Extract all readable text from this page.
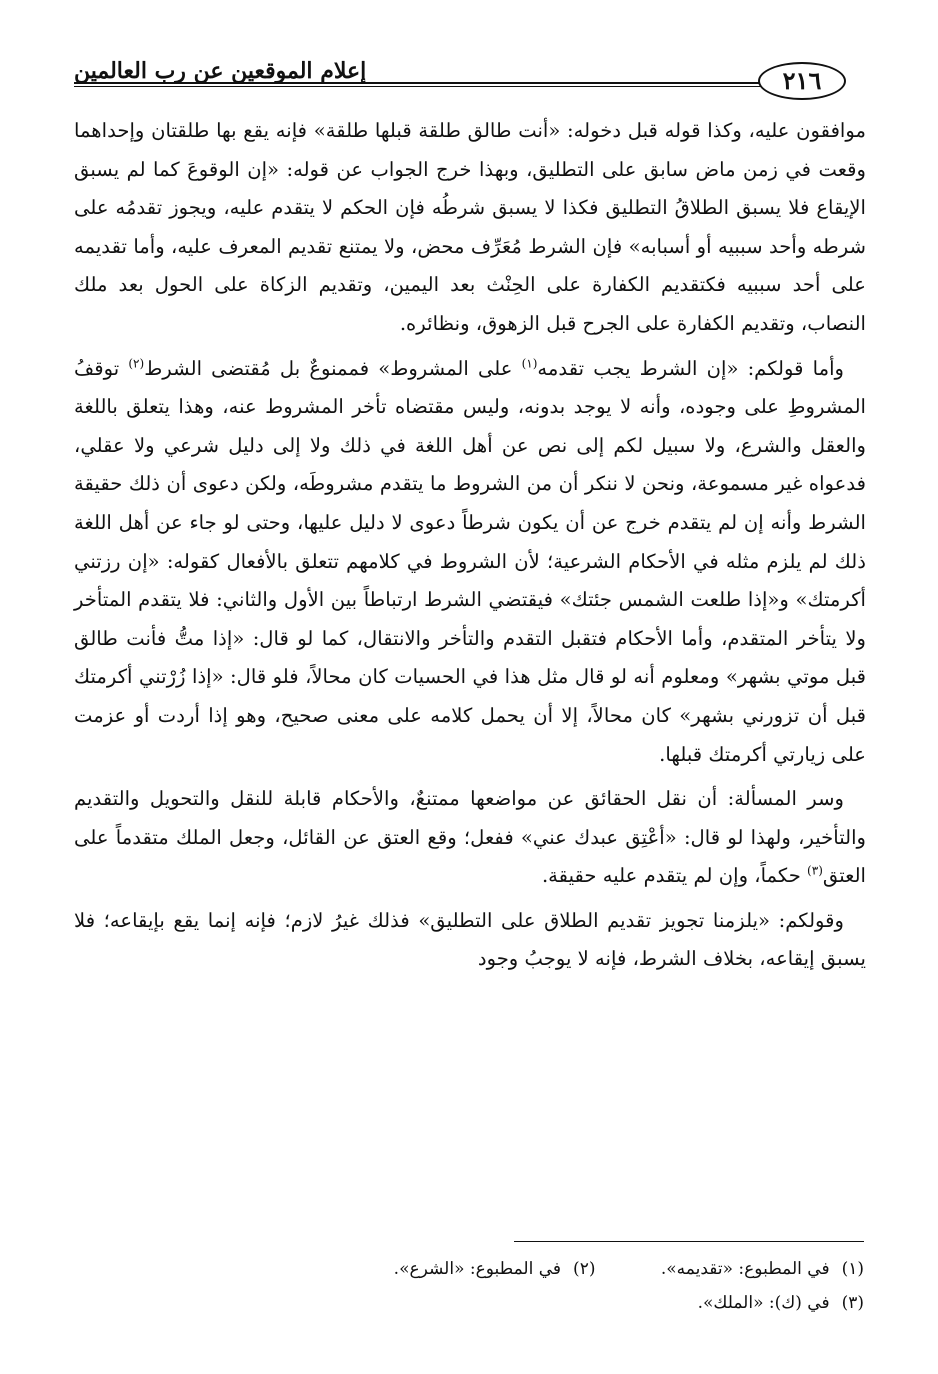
إعلام الموقعين عن رب العالمين	٢١٦

موافقون عليه، وكذا قوله قبل دخوله: «أنت طالق طلقة قبلها طلقة» فإنه يقع بها طلقتان وإحداهما وقعت في زمن ماض سابق على التطليق، وبهذا خرج الجواب عن قوله: «إن الوقوعَ كما لم يسبق الإيقاع فلا يسبق الطلاقُ التطليق فكذا لا يسبق شرطُه فإن الحكم لا يتقدم عليه، ويجوز تقدمُه على شرطه وأحد سببيه أو أسبابه» فإن الشرط مُعَرِّف محض، ولا يمتنع تقديم المعرف عليه، وأما تقديمه على أحد سببيه فكتقديم الكفارة على الحِنْث بعد اليمين، وتقديم الزكاة على الحول بعد ملك النصاب، وتقديم الكفارة على الجرح قبل الزهوق، ونظائره.

وأما قولكم: «إن الشرط يجب تقدمه$^{(١)}$ على المشروط» فممنوعٌ بل مُقتضى الشرط$^{(٢)}$ توقفُ المشروطِ على وجوده، وأنه لا يوجد بدونه، وليس مقتضاه تأخر المشروط عنه، وهذا يتعلق باللغة والعقل والشرع، ولا سبيل لكم إلى نص عن أهل اللغة في ذلك ولا إلى دليل شرعي ولا عقلي، فدعواه غير مسموعة، ونحن لا ننكر أن من الشروط ما يتقدم مشروطَه، ولكن دعوى أن ذلك حقيقة الشرط وأنه إن لم يتقدم خرج عن أن يكون شرطاً دعوى لا دليل عليها، وحتى لو جاء عن أهل اللغة ذلك لم يلزم مثله في الأحكام الشرعية؛ لأن الشروط في كلامهم تتعلق بالأفعال كقوله: «إن رزتني أكرمتك» و«إذا طلعت الشمس جئتك» فيقتضي الشرط ارتباطاً بين الأول والثاني: فلا يتقدم المتأخر ولا يتأخر المتقدم، وأما الأحكام فتقبل التقدم والتأخر والانتقال، كما لو قال: «إذا متُّ فأنت طالق قبل موتي بشهر» ومعلوم أنه لو قال مثل هذا في الحسيات كان محالاً، فلو قال: «إذا زُرْتني أكرمتك قبل أن تزورني بشهر» كان محالاً، إلا أن يحمل كلامه على معنى صحيح، وهو إذا أردت أو عزمت على زيارتي أكرمتك قبلها.

وسر المسألة: أن نقل الحقائق عن مواضعها ممتنعٌ، والأحكام قابلة للنقل والتحويل والتقديم والتأخير، ولهذا لو قال: «أعْتِق عبدك عني» ففعل؛ وقع العتق عن القائل، وجعل الملك متقدماً على العتق$^{(٣)}$ حكماً، وإن لم يتقدم عليه حقيقة.

وقولكم: «يلزمنا تجويز تقديم الطلاق على التطليق» فذلك غيرُ لازم؛ فإنه إنما يقع بإيقاعه؛ فلا يسبق إيقاعه، بخلاف الشرط، فإنه لا يوجبُ وجود

(١)في المطبوع: «تقديمه». (٢)في المطبوع: «الشرع».
(٣)في (ك): «الملك».
